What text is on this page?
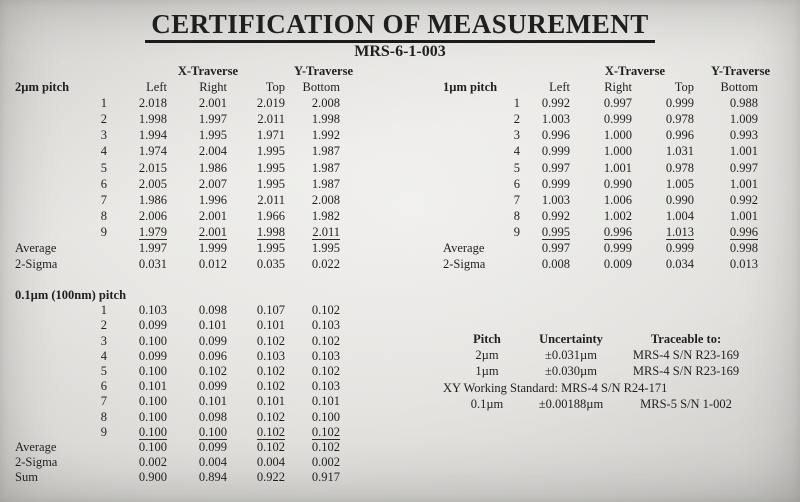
CERTIFICATION OF MEASUREMENT
MRS-6-1-003
		X-Traverse		Y-Traverse	
2µm pitch		Left	Right	Top	Bottom
	1	2.018	2.001	2.019	2.008
	2	1.998	1.997	2.011	1.998
	3	1.994	1.995	1.971	1.992
	4	1.974	2.004	1.995	1.987
	5	2.015	1.986	1.995	1.987
	6	2.005	2.007	1.995	1.987
	7	1.986	1.996	2.011	2.008
	8	2.006	2.001	1.966	1.982
	9	1.979	2.001	1.998	2.011
Average		1.997	1.999	1.995	1.995
2-Sigma		0.031	0.012	0.035	0.022
		X-Traverse		Y-Traverse	
1µm pitch		Left	Right	Top	Bottom
	1	0.992	0.997	0.999	0.988
	2	1.003	0.999	0.978	1.009
	3	0.996	1.000	0.996	0.993
	4	0.999	1.000	1.031	1.001
	5	0.997	1.001	0.978	0.997
	6	0.999	0.990	1.005	1.001
	7	1.003	1.006	0.990	0.992
	8	0.992	1.002	1.004	1.001
	9	0.995	0.996	1.013	0.996
Average		0.997	0.999	0.999	0.998
2-Sigma		0.008	0.009	0.034	0.013
0.1µm (100nm) pitch					
	1	0.103	0.098	0.107	0.102
	2	0.099	0.101	0.101	0.103
	3	0.100	0.099	0.102	0.102
	4	0.099	0.096	0.103	0.103
	5	0.100	0.102	0.102	0.102
	6	0.101	0.099	0.102	0.103
	7	0.100	0.101	0.101	0.101
	8	0.100	0.098	0.102	0.100
	9	0.100	0.100	0.102	0.102
Average		0.100	0.099	0.102	0.102
2-Sigma		0.002	0.004	0.004	0.002
Sum		0.900	0.894	0.922	0.917
Pitch	Uncertainty	Traceable to:
2µm	±0.031µm	MRS-4 S/N R23-169
1µm	±0.030µm	MRS-4 S/N R23-169
XY Working Standard: MRS-4 S/N R24-171		
0.1µm	±0.00188µm	MRS-5 S/N 1-002
